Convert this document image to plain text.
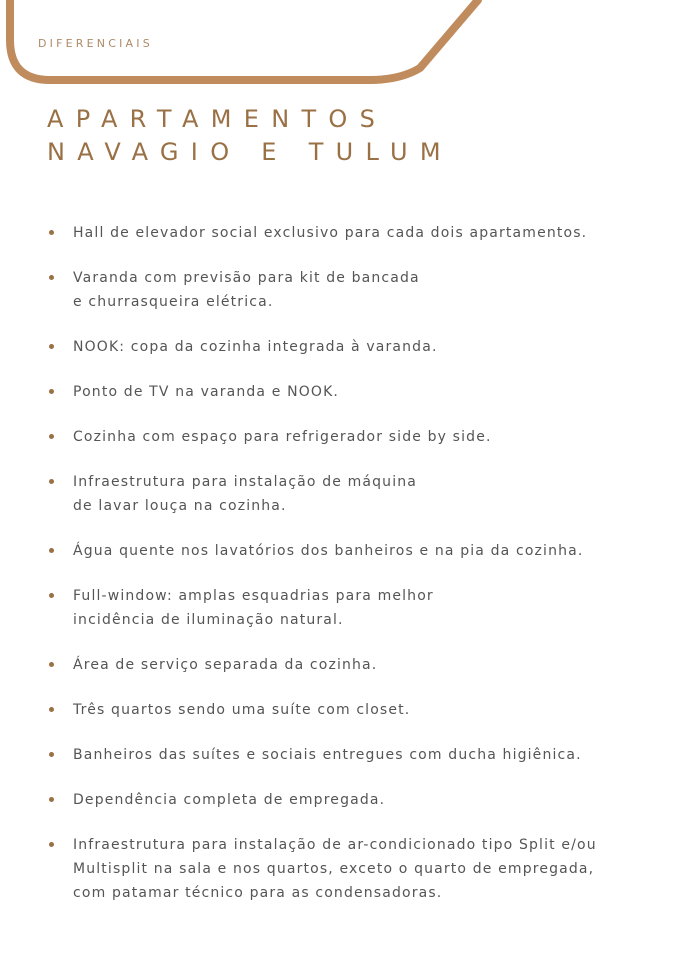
DIFERENCIAIS
APARTAMENTOS
NAVAGIO E TULUM
Hall de elevador social exclusivo para cada dois apartamentos.
Varanda com previsão para kit de bancada
e churrasqueira elétrica.
NOOK: copa da cozinha integrada à varanda.
Ponto de TV na varanda e NOOK.
Cozinha com espaço para refrigerador side by side.
Infraestrutura para instalação de máquina
de lavar louça na cozinha.
Água quente nos lavatórios dos banheiros e na pia da cozinha.
Full-window: amplas esquadrias para melhor
incidência de iluminação natural.
Área de serviço separada da cozinha.
Três quartos sendo uma suíte com closet.
Banheiros das suítes e sociais entregues com ducha higiênica.
Dependência completa de empregada.
Infraestrutura para instalação de ar-condicionado tipo Split e/ou
Multisplit na sala e nos quartos, exceto o quarto de empregada,
com patamar técnico para as condensadoras.
